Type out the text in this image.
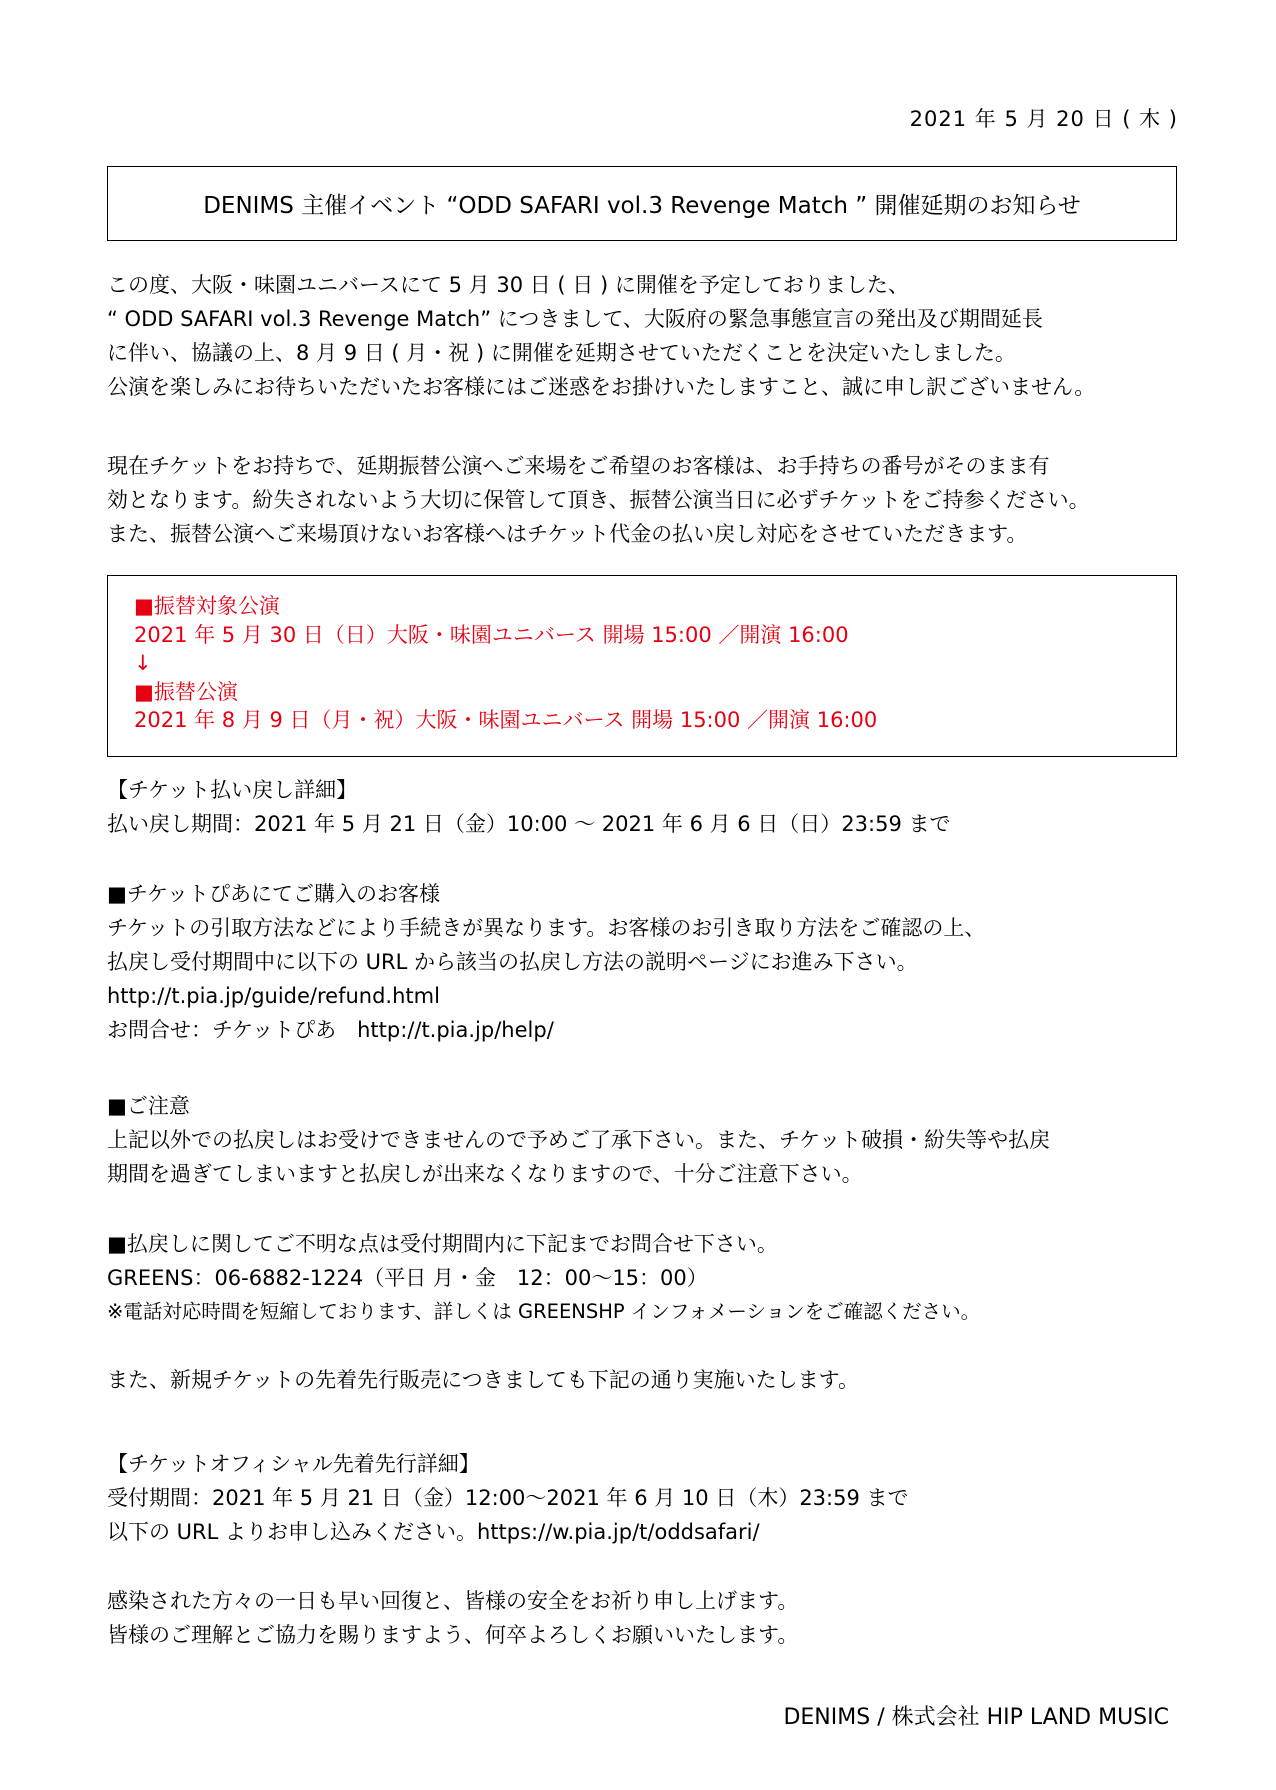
2021 年 5 月 20 日 ( 木 )
DENIMS 主催イベント “ODD SAFARI vol.3 Revenge Match ” 開催延期のお知らせ
この度、大阪・味園ユニバースにて 5 月 30 日 ( 日 ) に開催を予定しておりました、
“ ODD SAFARI vol.3 Revenge Match” につきまして、大阪府の緊急事態宣言の発出及び期間延長
に伴い、協議の上、8 月 9 日 ( 月・祝 ) に開催を延期させていただくことを決定いたしました。
公演を楽しみにお待ちいただいたお客様にはご迷惑をお掛けいたしますこと、誠に申し訳ございません。
現在チケットをお持ちで、延期振替公演へご来場をご希望のお客様は、お手持ちの番号がそのまま有
効となります。紛失されないよう大切に保管して頂き、振替公演当日に必ずチケットをご持参ください。
また、振替公演へご来場頂けないお客様へはチケット代金の払い戻し対応をさせていただきます。
■振替対象公演
2021 年 5 月 30 日（日）大阪・味園ユニバース 開場 15:00 ／開演 16:00
↓
■振替公演
2021 年 8 月 9 日（月・祝）大阪・味園ユニバース 開場 15:00 ／開演 16:00
【チケット払い戻し詳細】
払い戻し期間：2021 年 5 月 21 日（金）10:00 〜 2021 年 6 月 6 日（日）23:59 まで
■チケットぴあにてご購入のお客様
チケットの引取方法などにより手続きが異なります。お客様のお引き取り方法をご確認の上、
払戻し受付期間中に以下の URL から該当の払戻し方法の説明ページにお進み下さい。
http://t.pia.jp/guide/refund.html
お問合せ：チケットぴあ　http://t.pia.jp/help/
■ご注意
上記以外での払戻しはお受けできませんので予めご了承下さい。また、チケット破損・紛失等や払戻
期間を過ぎてしまいますと払戻しが出来なくなりますので、十分ご注意下さい。
■払戻しに関してご不明な点は受付期間内に下記までお問合せ下さい。
GREENS：06-6882-1224（平日 月・金　12：00〜15：00）
※電話対応時間を短縮しております、詳しくは GREENSHP インフォメーションをご確認ください。
また、新規チケットの先着先行販売につきましても下記の通り実施いたします。
【チケットオフィシャル先着先行詳細】
受付期間：2021 年 5 月 21 日（金）12:00〜2021 年 6 月 10 日（木）23:59 まで
以下の URL よりお申し込みください。https://w.pia.jp/t/oddsafari/
感染された方々の一日も早い回復と、皆様の安全をお祈り申し上げます。
皆様のご理解とご協力を賜りますよう、何卒よろしくお願いいたします。
DENIMS / 株式会社 HIP LAND MUSIC
